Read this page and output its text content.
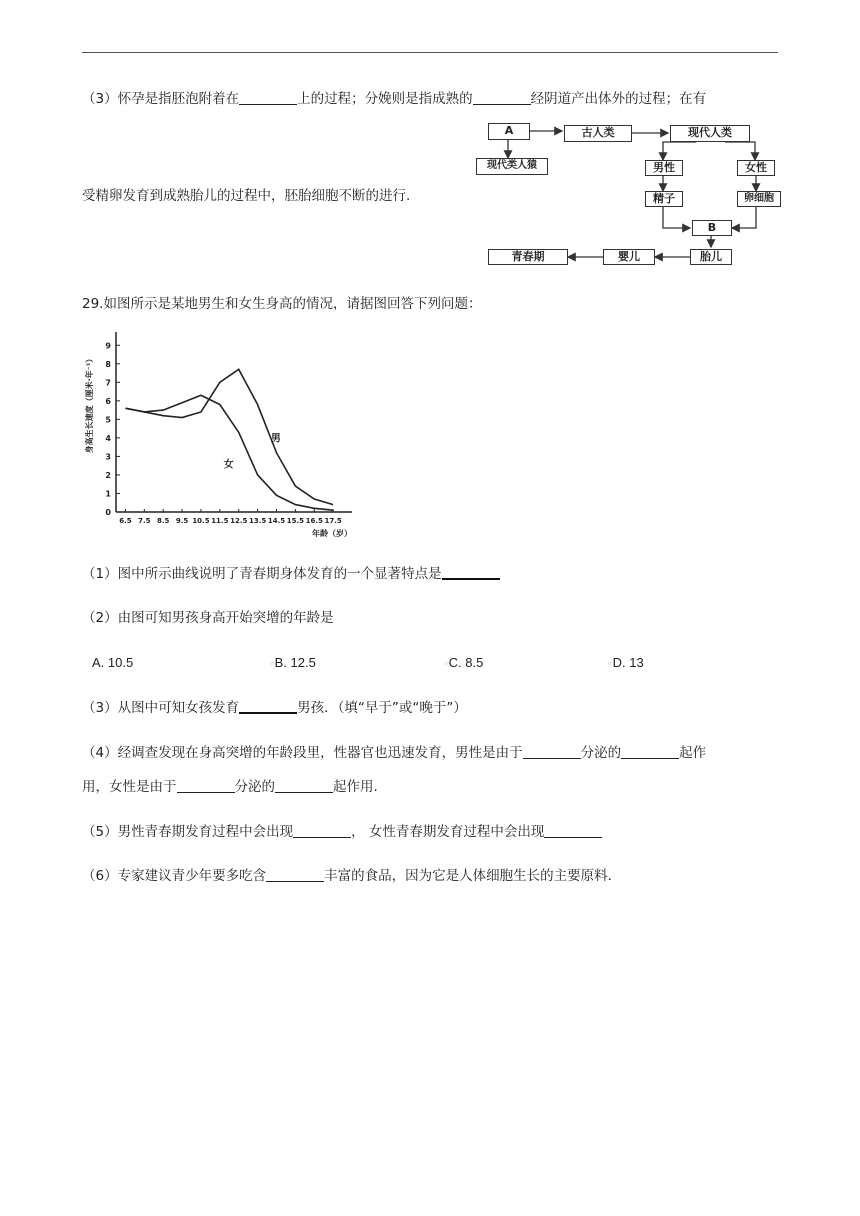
（3）怀孕是指胚泡附着在	上的过程；分娩则是指成熟的	经阴道产出体外的过程；在有
受精卵发育到成熟胎儿的过程中，胚胎细胞不断的进行.
A	古人类	现代人类
现代类人猿	男性	女性
精子	卵细胞
B
胎儿
婴儿
青春期
29.如图所示是某地男生和女生身高的情况，请据图回答下列问题：
0
1
2
3
4
5
6
7
8
9
6.5 7.5 8.5 9.5 10.5 11.5 12.5 13.5 14.5 15.5 16.5 17.5
身高生长速度（厘米·年⁻¹）
年龄（岁）
男
女
（1）图中所示曲线说明了青春期身体发育的一个显著特点是
（2）由图可知男孩身高开始突增的年龄是
A. 10.5	○B. 12.5	○C. 8.5	○D. 13
（3）从图中可知女孩发育	男孩．（填“早于”或“晚于”）
（4）经调查发现在身高突增的年龄段里，性器官也迅速发育，男性是由于	分泌的	起作
用，女性是由于	分泌的	起作用．
（5）男性青春期发育过程中会出现	， 女性青春期发育过程中会出现
（6）专家建议青少年要多吃含	丰富的食品，因为它是人体细胞生长的主要原料．
